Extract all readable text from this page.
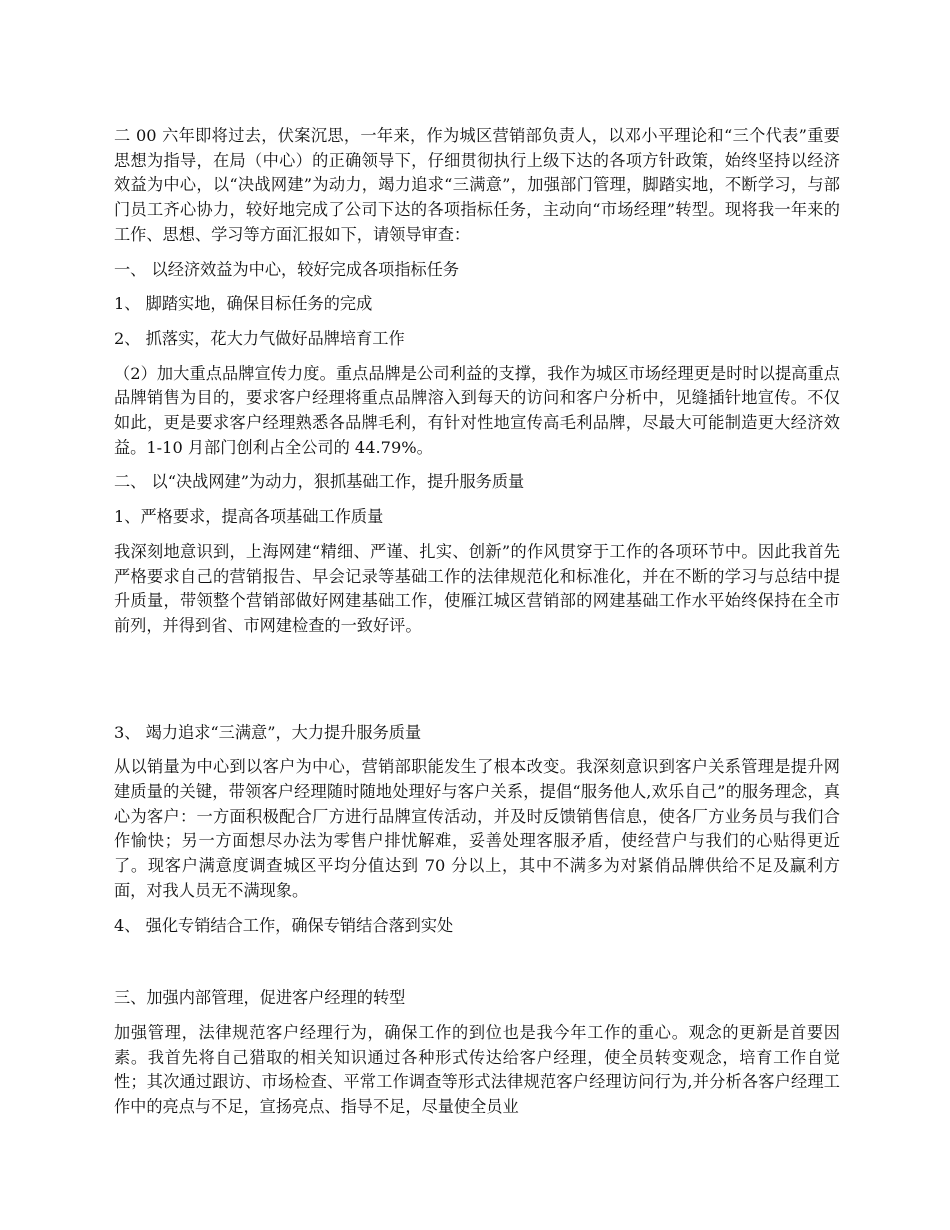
二 00 六年即将过去，伏案沉思，一年来，作为城区营销部负责人，以邓小平理论和“三个代表”重要思想为指导，在局（中心）的正确领导下，仔细贯彻执行上级下达的各项方针政策，始终坚持以经济效益为中心，以“决战网建”为动力，竭力追求“三满意”，加强部门管理，脚踏实地，不断学习，与部门员工齐心协力，较好地完成了公司下达的各项指标任务，主动向“市场经理”转型。现将我一年来的工作、思想、学习等方面汇报如下，请领导审查：

一、 以经济效益为中心，较好完成各项指标任务

1、 脚踏实地，确保目标任务的完成

2、 抓落实，花大力气做好品牌培育工作

（2）加大重点品牌宣传力度。重点品牌是公司利益的支撑，我作为城区市场经理更是时时以提高重点品牌销售为目的，要求客户经理将重点品牌溶入到每天的访问和客户分析中，见缝插针地宣传。不仅如此，更是要求客户经理熟悉各品牌毛利，有针对性地宣传高毛利品牌，尽最大可能制造更大经济效益。1-10 月部门创利占全公司的 44.79%。

二、 以“决战网建”为动力，狠抓基础工作，提升服务质量

1、严格要求，提高各项基础工作质量

我深刻地意识到，上海网建“精细、严谨、扎实、创新”的作风贯穿于工作的各项环节中。因此我首先严格要求自己的营销报告、早会记录等基础工作的法律规范化和标准化，并在不断的学习与总结中提升质量，带领整个营销部做好网建基础工作，使雁江城区营销部的网建基础工作水平始终保持在全市前列，并得到省、市网建检查的一致好评。

3、 竭力追求“三满意”，大力提升服务质量

从以销量为中心到以客户为中心，营销部职能发生了根本改变。我深刻意识到客户关系管理是提升网建质量的关键，带领客户经理随时随地处理好与客户关系，提倡“服务他人,欢乐自己”的服务理念，真心为客户：一方面积极配合厂方进行品牌宣传活动，并及时反馈销售信息，使各厂方业务员与我们合作愉快；另一方面想尽办法为零售户排忧解难，妥善处理客服矛盾，使经营户与我们的心贴得更近了。现客户满意度调查城区平均分值达到 70 分以上，其中不满多为对紧俏品牌供给不足及赢利方面，对我人员无不满现象。

4、 强化专销结合工作，确保专销结合落到实处

三、加强内部管理，促进客户经理的转型

加强管理，法律规范客户经理行为，确保工作的到位也是我今年工作的重心。观念的更新是首要因素。我首先将自己猎取的相关知识通过各种形式传达给客户经理，使全员转变观念，培育工作自觉性；其次通过跟访、市场检查、平常工作调查等形式法律规范客户经理访问行为,并分析各客户经理工作中的亮点与不足，宣扬亮点、指导不足，尽量使全员业
